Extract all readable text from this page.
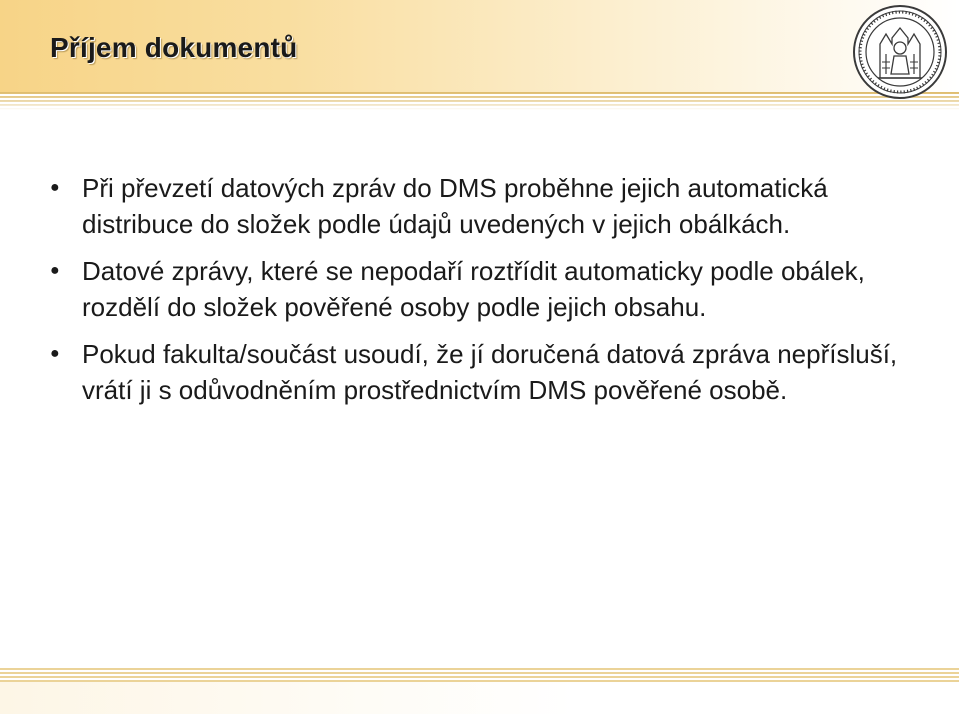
Příjem dokumentů
● Při převzetí datových zpráv do DMS proběhne jejich automatická distribuce do složek podle údajů uvedených v jejich obálkách.
● Datové zprávy, které se nepodaří roztřídit automaticky podle obálek, rozdělí do složek pověřené osoby podle jejich obsahu.
● Pokud fakulta/součást usoudí, že jí doručená datová zpráva nepřísluší, vrátí ji s odůvodněním prostřednictvím DMS pověřené osobě.
